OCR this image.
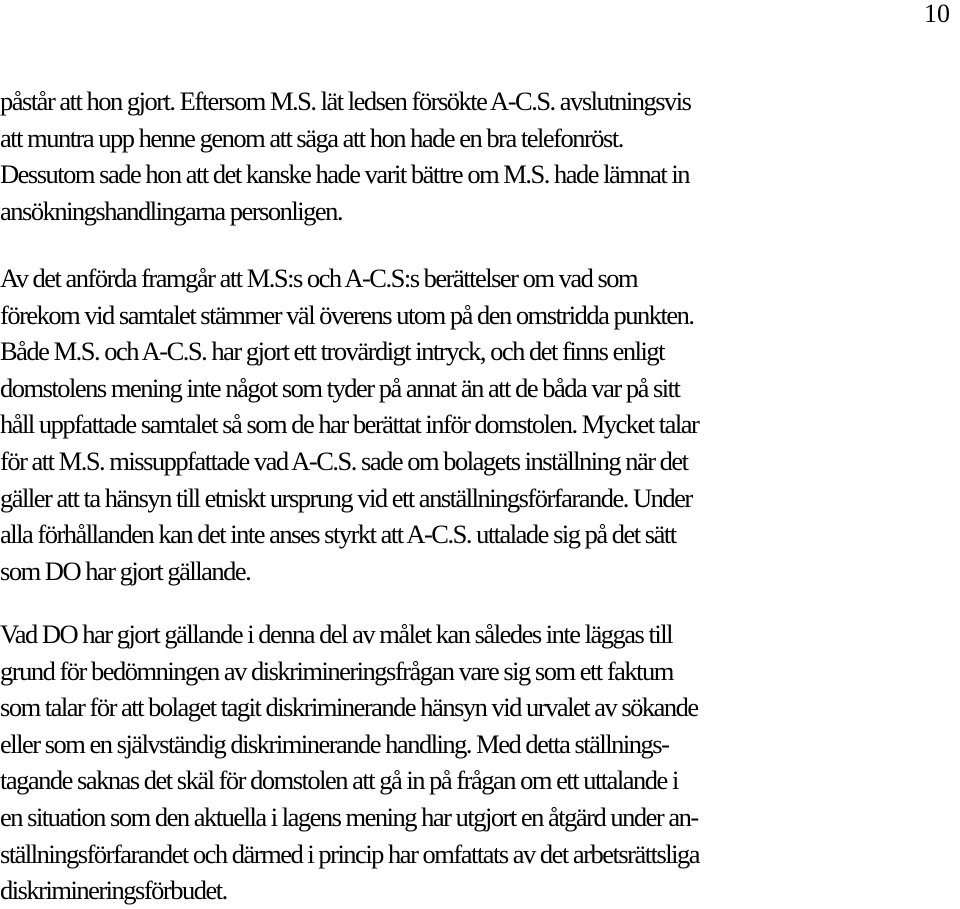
10
påstår att hon gjort. Eftersom M.S. lät ledsen försökte A-C.S. avslutningsvis
att muntra upp henne genom att säga att hon hade en bra telefonröst.
Dessutom sade hon att det kanske hade varit bättre om M.S. hade lämnat in
ansökningshandlingarna personligen.
Av det anförda framgår att M.S:s och A-C.S:s berättelser om vad som
förekom vid samtalet stämmer väl överens utom på den omstridda punkten.
Både M.S. och A-C.S. har gjort ett trovärdigt intryck, och det finns enligt
domstolens mening inte något som tyder på annat än att de båda var på sitt
håll uppfattade samtalet så som de har berättat inför domstolen. Mycket talar
för att M.S. missuppfattade vad A-C.S. sade om bolagets inställning när det
gäller att ta hänsyn till etniskt ursprung vid ett anställningsförfarande. Under
alla förhållanden kan det inte anses styrkt att A-C.S. uttalade sig på det sätt
som DO har gjort gällande.
Vad DO har gjort gällande i denna del av målet kan således inte läggas till
grund för bedömningen av diskrimineringsfrågan vare sig som ett faktum
som talar för att bolaget tagit diskriminerande hänsyn vid urvalet av sökande
eller som en självständig diskriminerande handling. Med detta ställnings-
tagande saknas det skäl för domstolen att gå in på frågan om ett uttalande i
en situation som den aktuella i lagens mening har utgjort en åtgärd under an-
ställningsförfarandet och därmed i princip har omfattats av det arbetsrättsliga
diskrimineringsförbudet.
